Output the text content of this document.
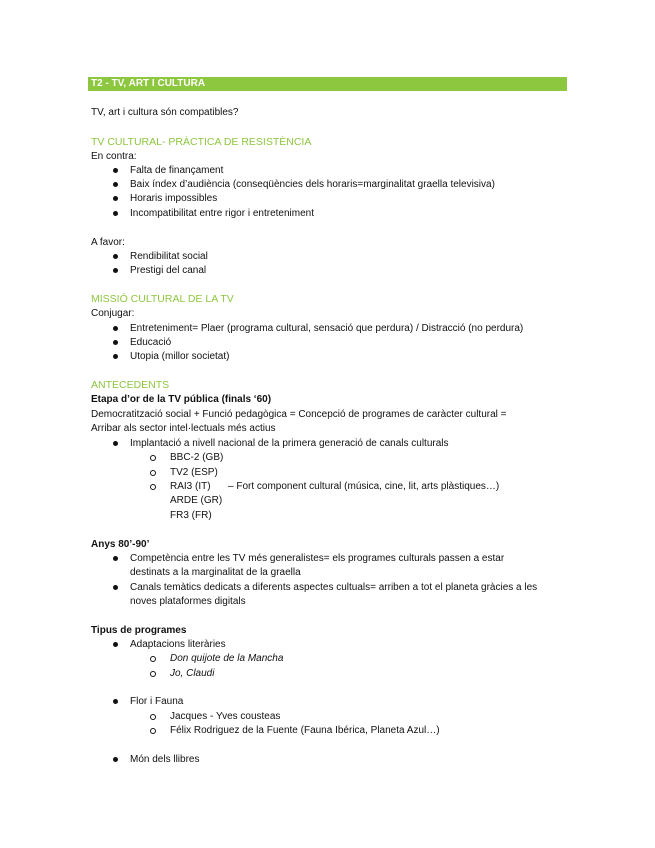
T2 - TV, ART I CULTURA
TV, art i cultura són compatibles?
TV CULTURAL- PRÀCTICA DE RESISTÈNCIA
En contra:
Falta de finançament
Baix índex d’audiència (conseqüències dels horaris=marginalitat graella televisiva)
Horaris impossibles
Incompatibilitat entre rigor i entreteniment
A favor:
Rendibilitat social
Prestigi del canal
MISSIÓ CULTURAL DE LA TV
Conjugar:
Entreteniment= Plaer (programa cultural, sensació que perdura) / Distracció (no perdura)
Educació
Utopia (millor societat)
ANTECEDENTS
Etapa d’or de la TV pública (finals ‘60)
Democratització social + Funció pedagògica = Concepció de programes de caràcter cultural =
Arribar als sector intel·lectuals més actius
Implantació a nivell nacional de la primera generació de canals culturals
BBC-2 (GB)
TV2 (ESP)
RAI3 (IT) – Fort component cultural (música, cine, lit, arts plàstiques…)
ARDE (GR)
FR3 (FR)
Anys 80’-90’
Competència entre les TV més generalistes= els programes culturals passen a estar
destinats a la marginalitat de la graella
Canals temàtics dedicats a diferents aspectes cultuals= arriben a tot el planeta gràcies a les
noves plataformes digitals
Tipus de programes
Adaptacions literàries
Don quijote de la Mancha
Jo, Claudi
Flor i Fauna
Jacques - Yves cousteas
Félix Rodriguez de la Fuente (Fauna Ibérica, Planeta Azul…)
Món dels llibres
